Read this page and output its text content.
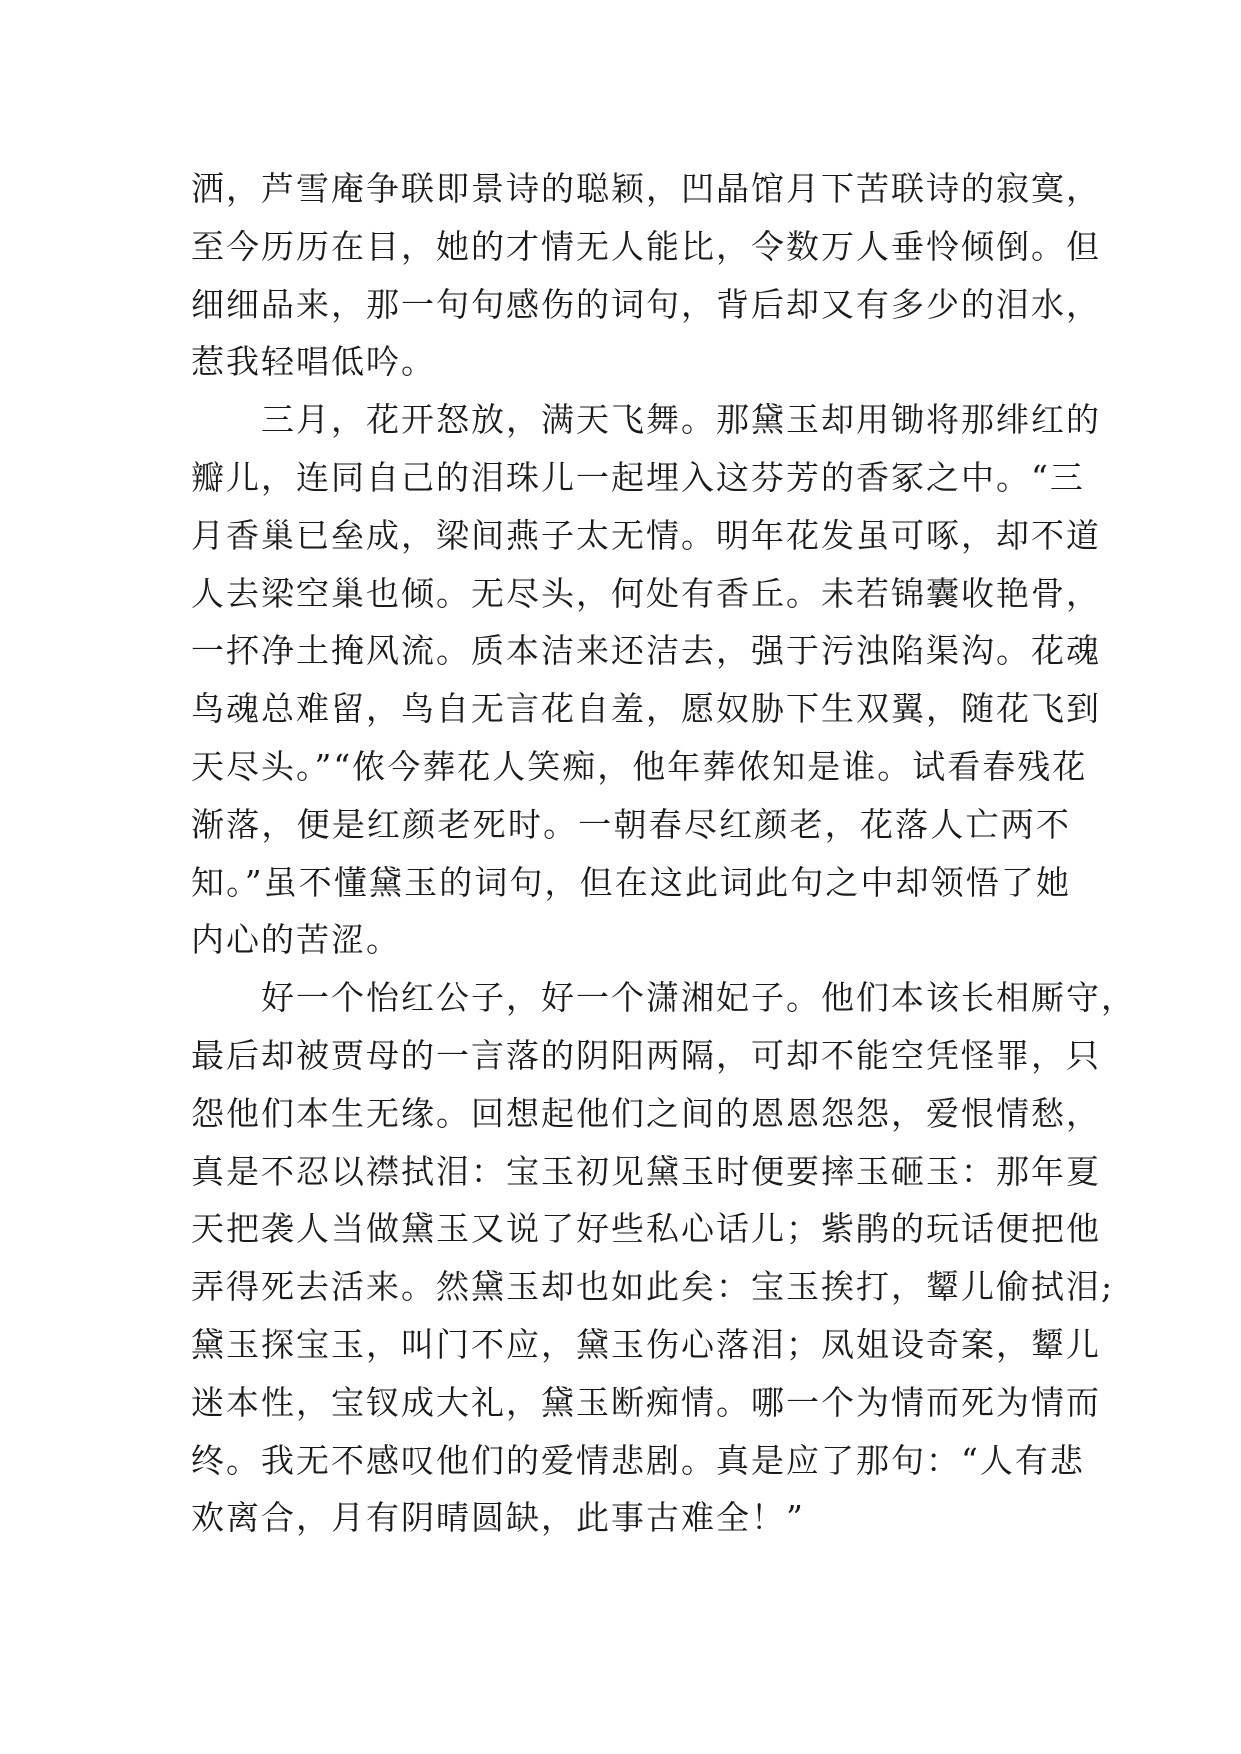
洒，芦雪庵争联即景诗的聪颖，凹晶馆月下苦联诗的寂寞，
至今历历在目，她的才情无人能比，令数万人垂怜倾倒。但
细细品来，那一句句感伤的词句，背后却又有多少的泪水，
惹我轻唱低吟。
　　三月，花开怒放，满天飞舞。那黛玉却用锄将那绯红的
瓣儿，连同自己的泪珠儿一起埋入这芬芳的香冢之中。“三
月香巢已垒成，梁间燕子太无情。明年花发虽可啄，却不道
人去梁空巢也倾。无尽头，何处有香丘。未若锦囊收艳骨，
一抔净土掩风流。质本洁来还洁去，强于污浊陷渠沟。花魂
鸟魂总难留，鸟自无言花自羞，愿奴胁下生双翼，随花飞到
天尽头。”“侬今葬花人笑痴，他年葬侬知是谁。试看春残花
渐落，便是红颜老死时。一朝春尽红颜老，花落人亡两不
知。”虽不懂黛玉的词句，但在这此词此句之中却领悟了她
内心的苦涩。
　　好一个怡红公子，好一个潇湘妃子。他们本该长相厮守，
最后却被贾母的一言落的阴阳两隔，可却不能空凭怪罪，只
怨他们本生无缘。回想起他们之间的恩恩怨怨，爱恨情愁，
真是不忍以襟拭泪：宝玉初见黛玉时便要摔玉砸玉：那年夏
天把袭人当做黛玉又说了好些私心话儿；紫鹃的玩话便把他
弄得死去活来。然黛玉却也如此矣：宝玉挨打，颦儿偷拭泪;
黛玉探宝玉，叫门不应，黛玉伤心落泪；凤姐设奇案，颦儿
迷本性，宝钗成大礼，黛玉断痴情。哪一个为情而死为情而
终。我无不感叹他们的爱情悲剧。真是应了那句：“人有悲
欢离合，月有阴晴圆缺，此事古难全！”
